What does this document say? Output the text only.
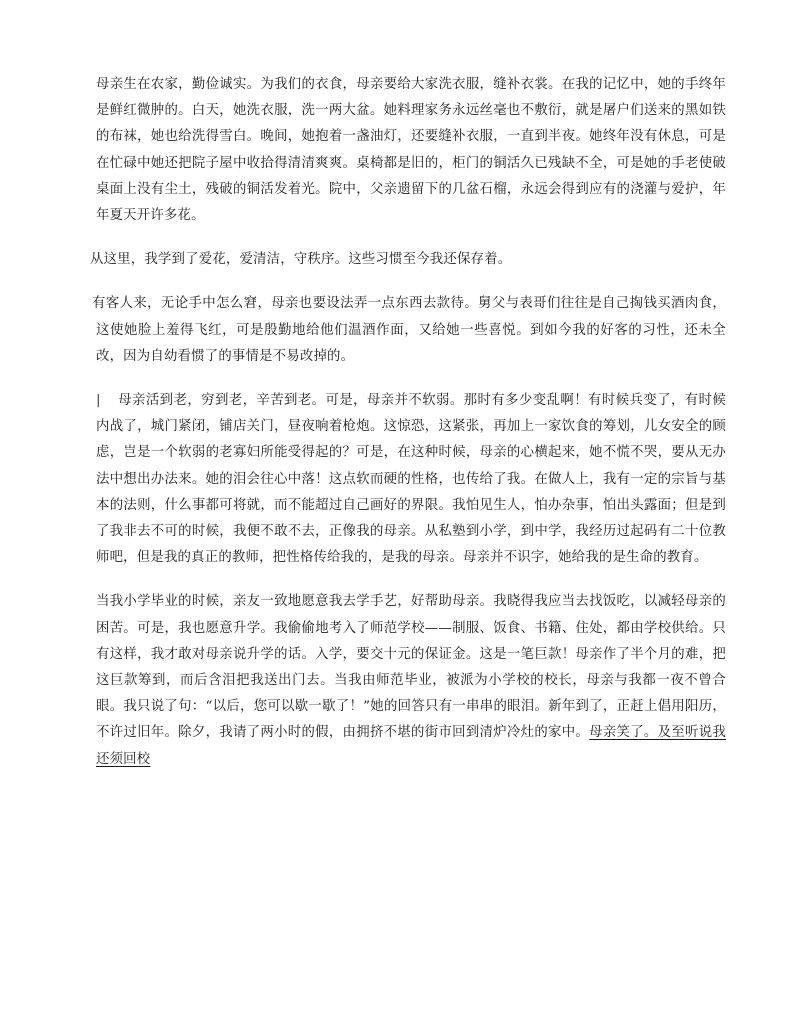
母亲生在农家，勤俭诚实。为我们的衣食，母亲要给大家洗衣服，缝补衣裳。在我的记忆中，她的手终年是鲜红微肿的。白天，她洗衣服，洗一两大盆。她料理家务永远丝毫也不敷衍，就是屠户们送来的黑如铁的布袜，她也给洗得雪白。晚间，她抱着一盏油灯，还要缝补衣服，一直到半夜。她终年没有休息，可是在忙碌中她还把院子屋中收拾得清清爽爽。桌椅都是旧的，柜门的铜活久已残缺不全，可是她的手老使破桌面上没有尘土，残破的铜活发着光。院中，父亲遗留下的几盆石榴，永远会得到应有的浇灌与爱护，年年夏天开许多花。

从这里，我学到了爱花，爱清洁，守秩序。这些习惯至今我还保存着。

有客人来，无论手中怎么窘，母亲也要设法弄一点东西去款待。舅父与表哥们往往是自己掏钱买酒肉食，这使她脸上羞得飞红，可是殷勤地给他们温酒作面，又给她一些喜悦。到如今我的好客的习性，还未全改，因为自幼看惯了的事情是不易改掉的。

| 母亲活到老，穷到老，辛苦到老。可是，母亲并不软弱。那时有多少变乱啊！有时候兵变了，有时候内战了，城门紧闭，铺店关门，昼夜响着枪炮。这惊恐，这紧张，再加上一家饮食的筹划，儿女安全的顾虑，岂是一个软弱的老寡妇所能受得起的？可是，在这种时候，母亲的心横起来，她不慌不哭，要从无办法中想出办法来。她的泪会往心中落！这点软而硬的性格，也传给了我。在做人上，我有一定的宗旨与基本的法则，什么事都可将就，而不能超过自己画好的界限。我怕见生人，怕办杂事，怕出头露面；但是到了我非去不可的时候，我便不敢不去，正像我的母亲。从私塾到小学，到中学，我经历过起码有二十位教师吧，但是我的真正的教师，把性格传给我的，是我的母亲。母亲并不识字，她给我的是生命的教育。

当我小学毕业的时候，亲友一致地愿意我去学手艺，好帮助母亲。我晓得我应当去找饭吃，以减轻母亲的困苦。可是，我也愿意升学。我偷偷地考入了师范学校——制服、饭食、书籍、住处，都由学校供给。只有这样，我才敢对母亲说升学的话。入学，要交十元的保证金。这是一笔巨款！母亲作了半个月的难，把这巨款筹到，而后含泪把我送出门去。当我由师范毕业，被派为小学校的校长，母亲与我都一夜不曾合眼。我只说了句：“以后，您可以歇一歇了！”她的回答只有一串串的眼泪。新年到了，正赶上倡用阳历，不许过旧年。除夕，我请了两小时的假，由拥挤不堪的街市回到清炉冷灶的家中。母亲笑了。及至听说我还须回校
